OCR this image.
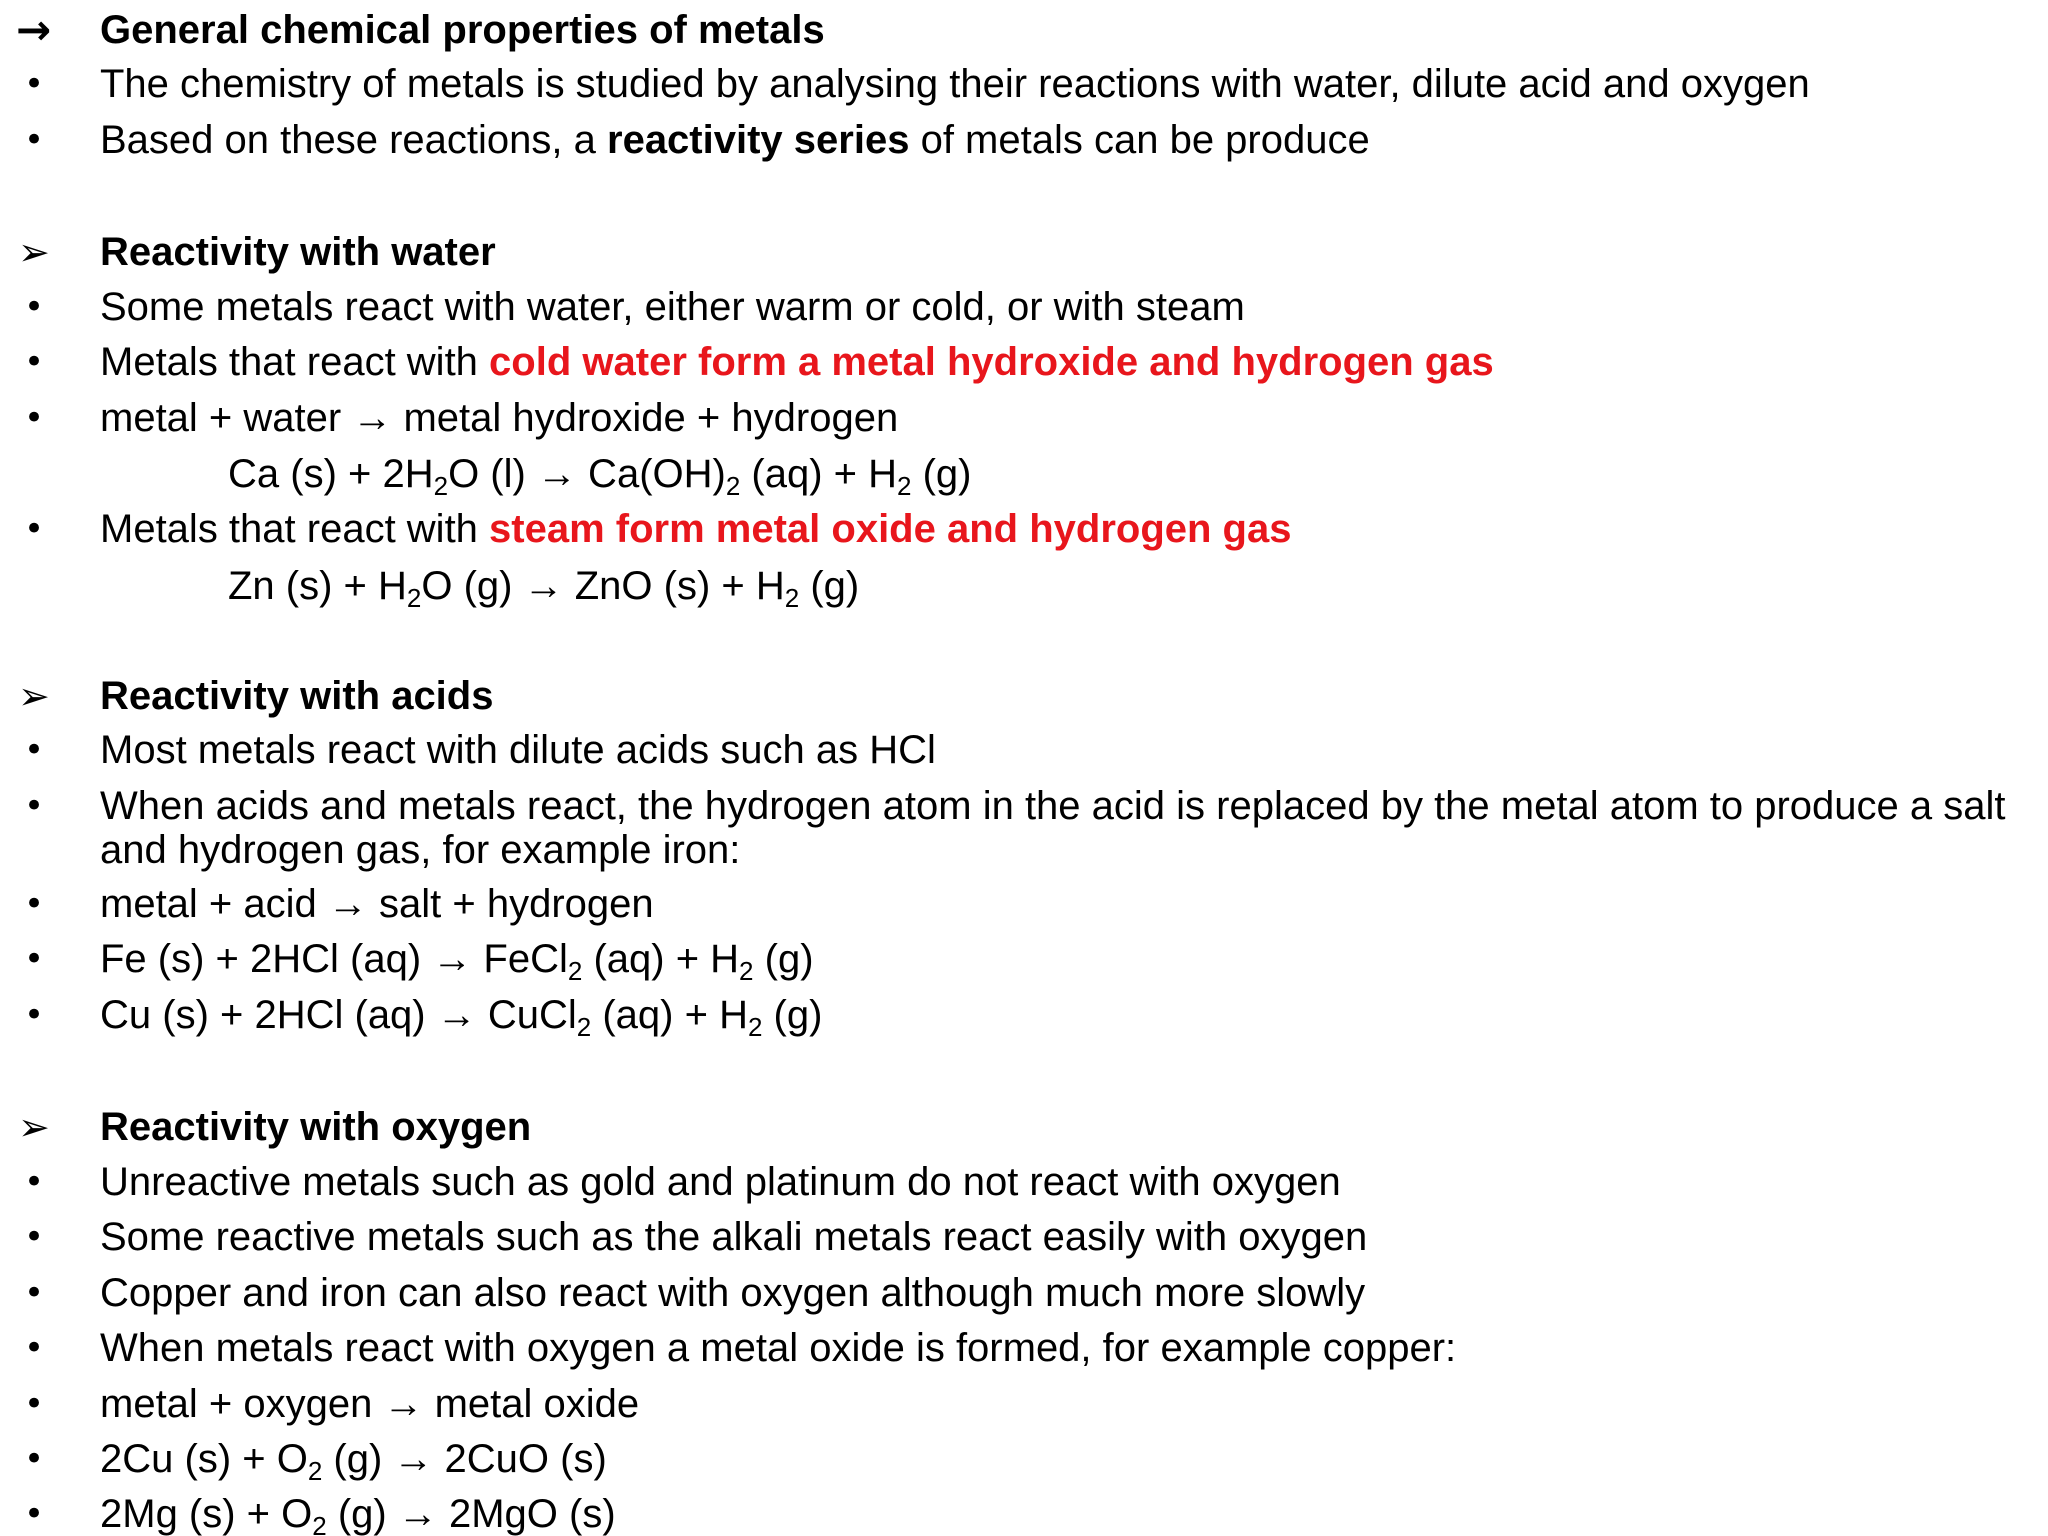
→	General chemical properties of metals
•	The chemistry of metals is studied by analysing their reactions with water, dilute acid and oxygen
•	Based on these reactions, a reactivity series of metals can be produce
➢	Reactivity with water
•	Some metals react with water, either warm or cold, or with steam
•	Metals that react with cold water form a metal hydroxide and hydrogen gas
•	metal + water → metal hydroxide + hydrogen
Ca $(s) + 2H_2O$ $(l) \to Ca(OH)_2$ $(aq) + H_2$ (g)
•	Metals that react with steam form metal oxide and hydrogen gas
Zn $(s) + H_2O$ (g) → ZnO $(s) + H_2$ (g)
➢	Reactivity with acids
•	Most metals react with dilute acids such as HCl
•	When acids and metals react, the hydrogen atom in the acid is replaced by the metal atom to produce a salt and hydrogen gas, for example iron:
•	metal + acid → salt + hydrogen
•	Fe (s) + 2HCl (aq) → FeCl$_2$ $(aq) + H_2$ (g)
•	Cu (s) + 2HCl (aq) → CuCl$_2$ $(aq) + H_2$ (g)
➢	Reactivity with oxygen
•	Unreactive metals such as gold and platinum do not react with oxygen
•	Some reactive metals such as the alkali metals react easily with oxygen
•	Copper and iron can also react with oxygen although much more slowly
•	When metals react with oxygen a metal oxide is formed, for example copper:
•	metal + oxygen → metal oxide
•	2Cu $(s) + O_2$ (g) → 2CuO (s)
•	2Mg $(s) + O_2$ (g) → 2MgO (s)
